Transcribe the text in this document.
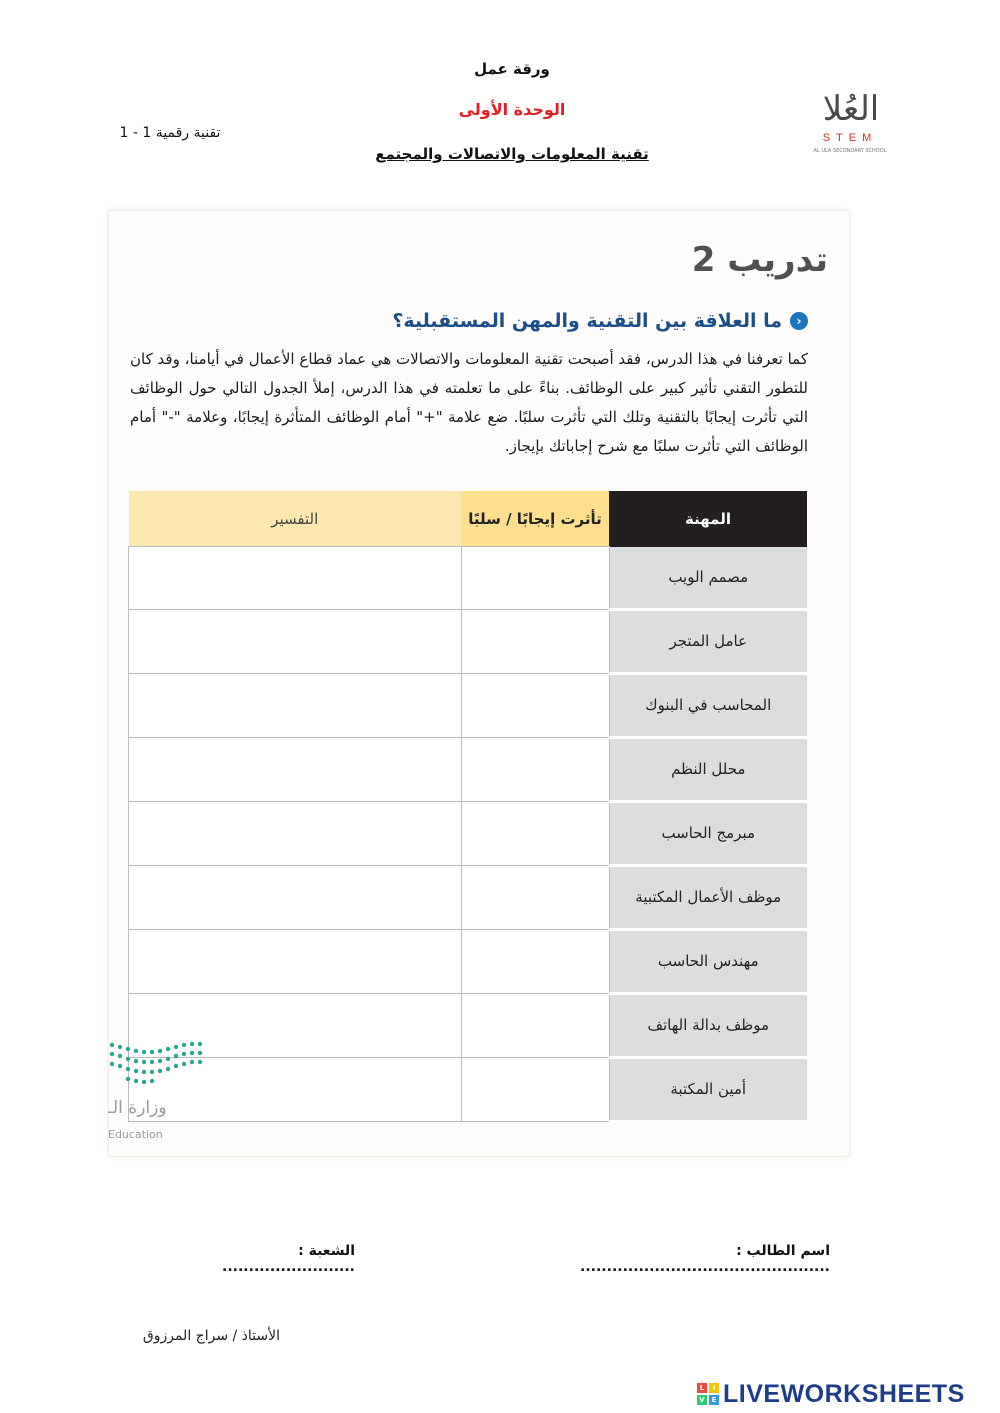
ورقة عمل
الوحدة الأولى
تقنية المعلومات والاتصالات والمجتمع
تقنية رقمية 1 - 1
العُلا
STEM
AL ULA SECONDARY SCHOOL
تدريب 2
‹
ما العلاقة بين التقنية والمهن المستقبلية؟
كما تعرفنا في هذا الدرس، فقد أصبحت تقنية المعلومات والاتصالات هي عماد قطاع الأعمال في أيامنا، وقد كان للتطور التقني تأثير كبير على الوظائف. بناءً على ما تعلمته في هذا الدرس، إملأ الجدول التالي حول الوظائف التي تأثرت إيجابًا بالتقنية وتلك التي تأثرت سلبًا. ضع علامة "+" أمام الوظائف المتأثرة إيجابًا، وعلامة "-" أمام الوظائف التي تأثرت سلبًا مع شرح إجاباتك بإيجاز.
المهنة	تأثرت إيجابًا / سلبًا	التفسير
مصمم الويب		
عامل المتجر		
المحاسب في البنوك		
محلل النظم		
مبرمج الحاسب		
موظف الأعمال المكتبية		
مهندس الحاسب		
موظف بدالة الهاتف		
أمين المكتبة		
وزارة الـ
Education
اسم الطالب : ...............................................
الشعبة : .........................
الأستاذ / سراج المرزوق
L	I
V E LIVEWORKSHEETS
